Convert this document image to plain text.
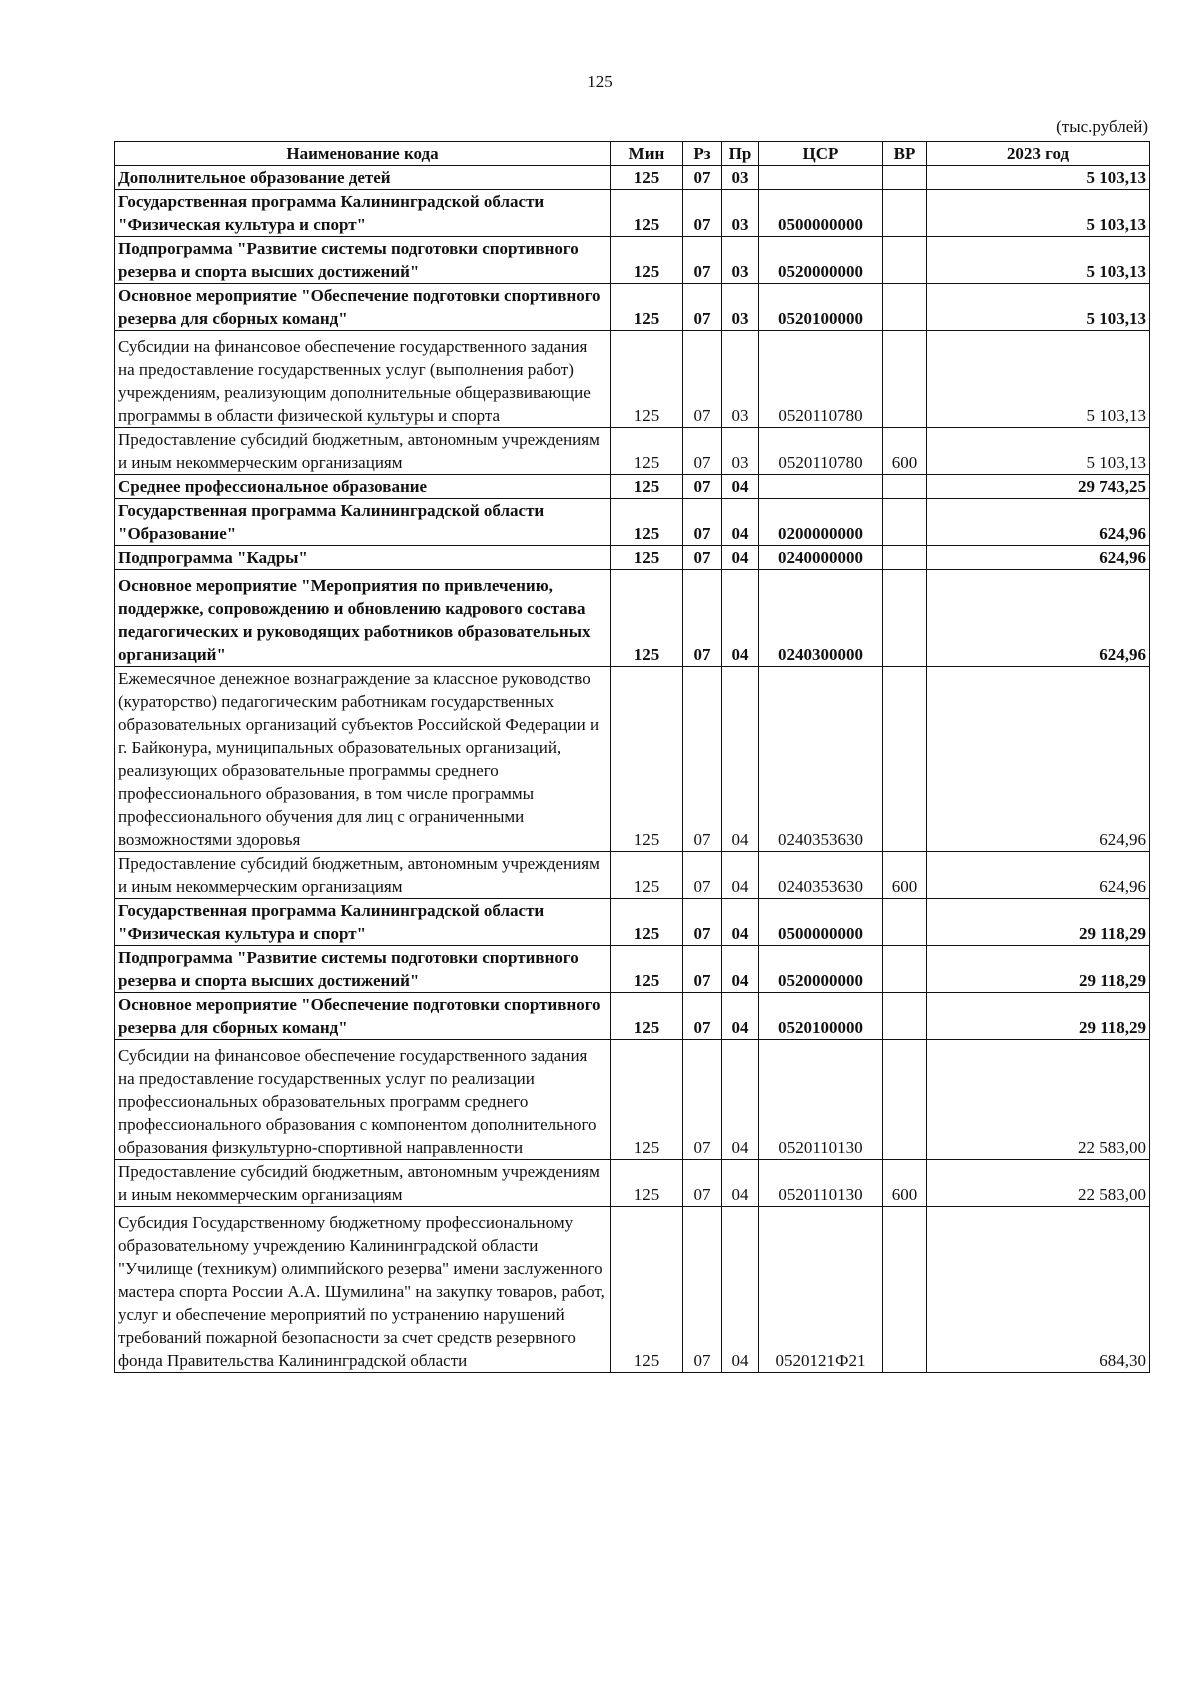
125
(тыс.рублей)
Наименование кода	Мин	Рз	Пр	ЦСР	ВР	2023 год
Дополнительное образование детей	125	07	03			5 103,13
Государственная программа Калининградской области "Физическая культура и спорт"	125	07	03	0500000000		5 103,13
Подпрограмма "Развитие системы подготовки спортивного резерва и спорта высших достижений"	125	07	03	0520000000		5 103,13
Основное мероприятие "Обеспечение подготовки спортивного резерва для сборных команд"	125	07	03	0520100000		5 103,13
Субсидии на финансовое обеспечение государственного задания на предоставление государственных услуг (выполнения работ) учреждениям, реализующим дополнительные общеразвивающие программы в области физической культуры и спорта	125	07	03	0520110780		5 103,13
Предоставление субсидий бюджетным, автономным учреждениям и иным некоммерческим организациям	125	07	03	0520110780	600	5 103,13
Среднее профессиональное образование	125	07	04			29 743,25
Государственная программа Калининградской области "Образование"	125	07	04	0200000000		624,96
Подпрограмма "Кадры"	125	07	04	0240000000		624,96
Основное мероприятие "Мероприятия по привлечению, поддержке, сопровождению и обновлению кадрового состава педагогических и руководящих работников образовательных организаций"	125	07	04	0240300000		624,96
Ежемесячное денежное вознаграждение за классное руководство (кураторство) педагогическим работникам государственных образовательных организаций субъектов Российской Федерации и г. Байконура, муниципальных образовательных организаций, реализующих образовательные программы среднего профессионального образования, в том числе программы профессионального обучения для лиц с ограниченными возможностями здоровья	125	07	04	0240353630		624,96
Предоставление субсидий бюджетным, автономным учреждениям и иным некоммерческим организациям	125	07	04	0240353630	600	624,96
Государственная программа Калининградской области "Физическая культура и спорт"	125	07	04	0500000000		29 118,29
Подпрограмма "Развитие системы подготовки спортивного резерва и спорта высших достижений"	125	07	04	0520000000		29 118,29
Основное мероприятие "Обеспечение подготовки спортивного резерва для сборных команд"	125	07	04	0520100000		29 118,29
Субсидии на финансовое обеспечение государственного задания на предоставление государственных услуг по реализации профессиональных образовательных программ среднего профессионального образования с компонентом дополнительного образования физкультурно-спортивной направленности	125	07	04	0520110130		22 583,00
Предоставление субсидий бюджетным, автономным учреждениям и иным некоммерческим организациям	125	07	04	0520110130	600	22 583,00
Субсидия Государственному бюджетному профессиональному образовательному учреждению Калининградской области "Училище (техникум) олимпийского резерва" имени заслуженного мастера спорта России А.А. Шумилина" на закупку товаров, работ, услуг и обеспечение мероприятий по устранению нарушений требований пожарной безопасности за счет средств резервного фонда Правительства Калининградской области	125	07	04	0520121Ф21		684,30
